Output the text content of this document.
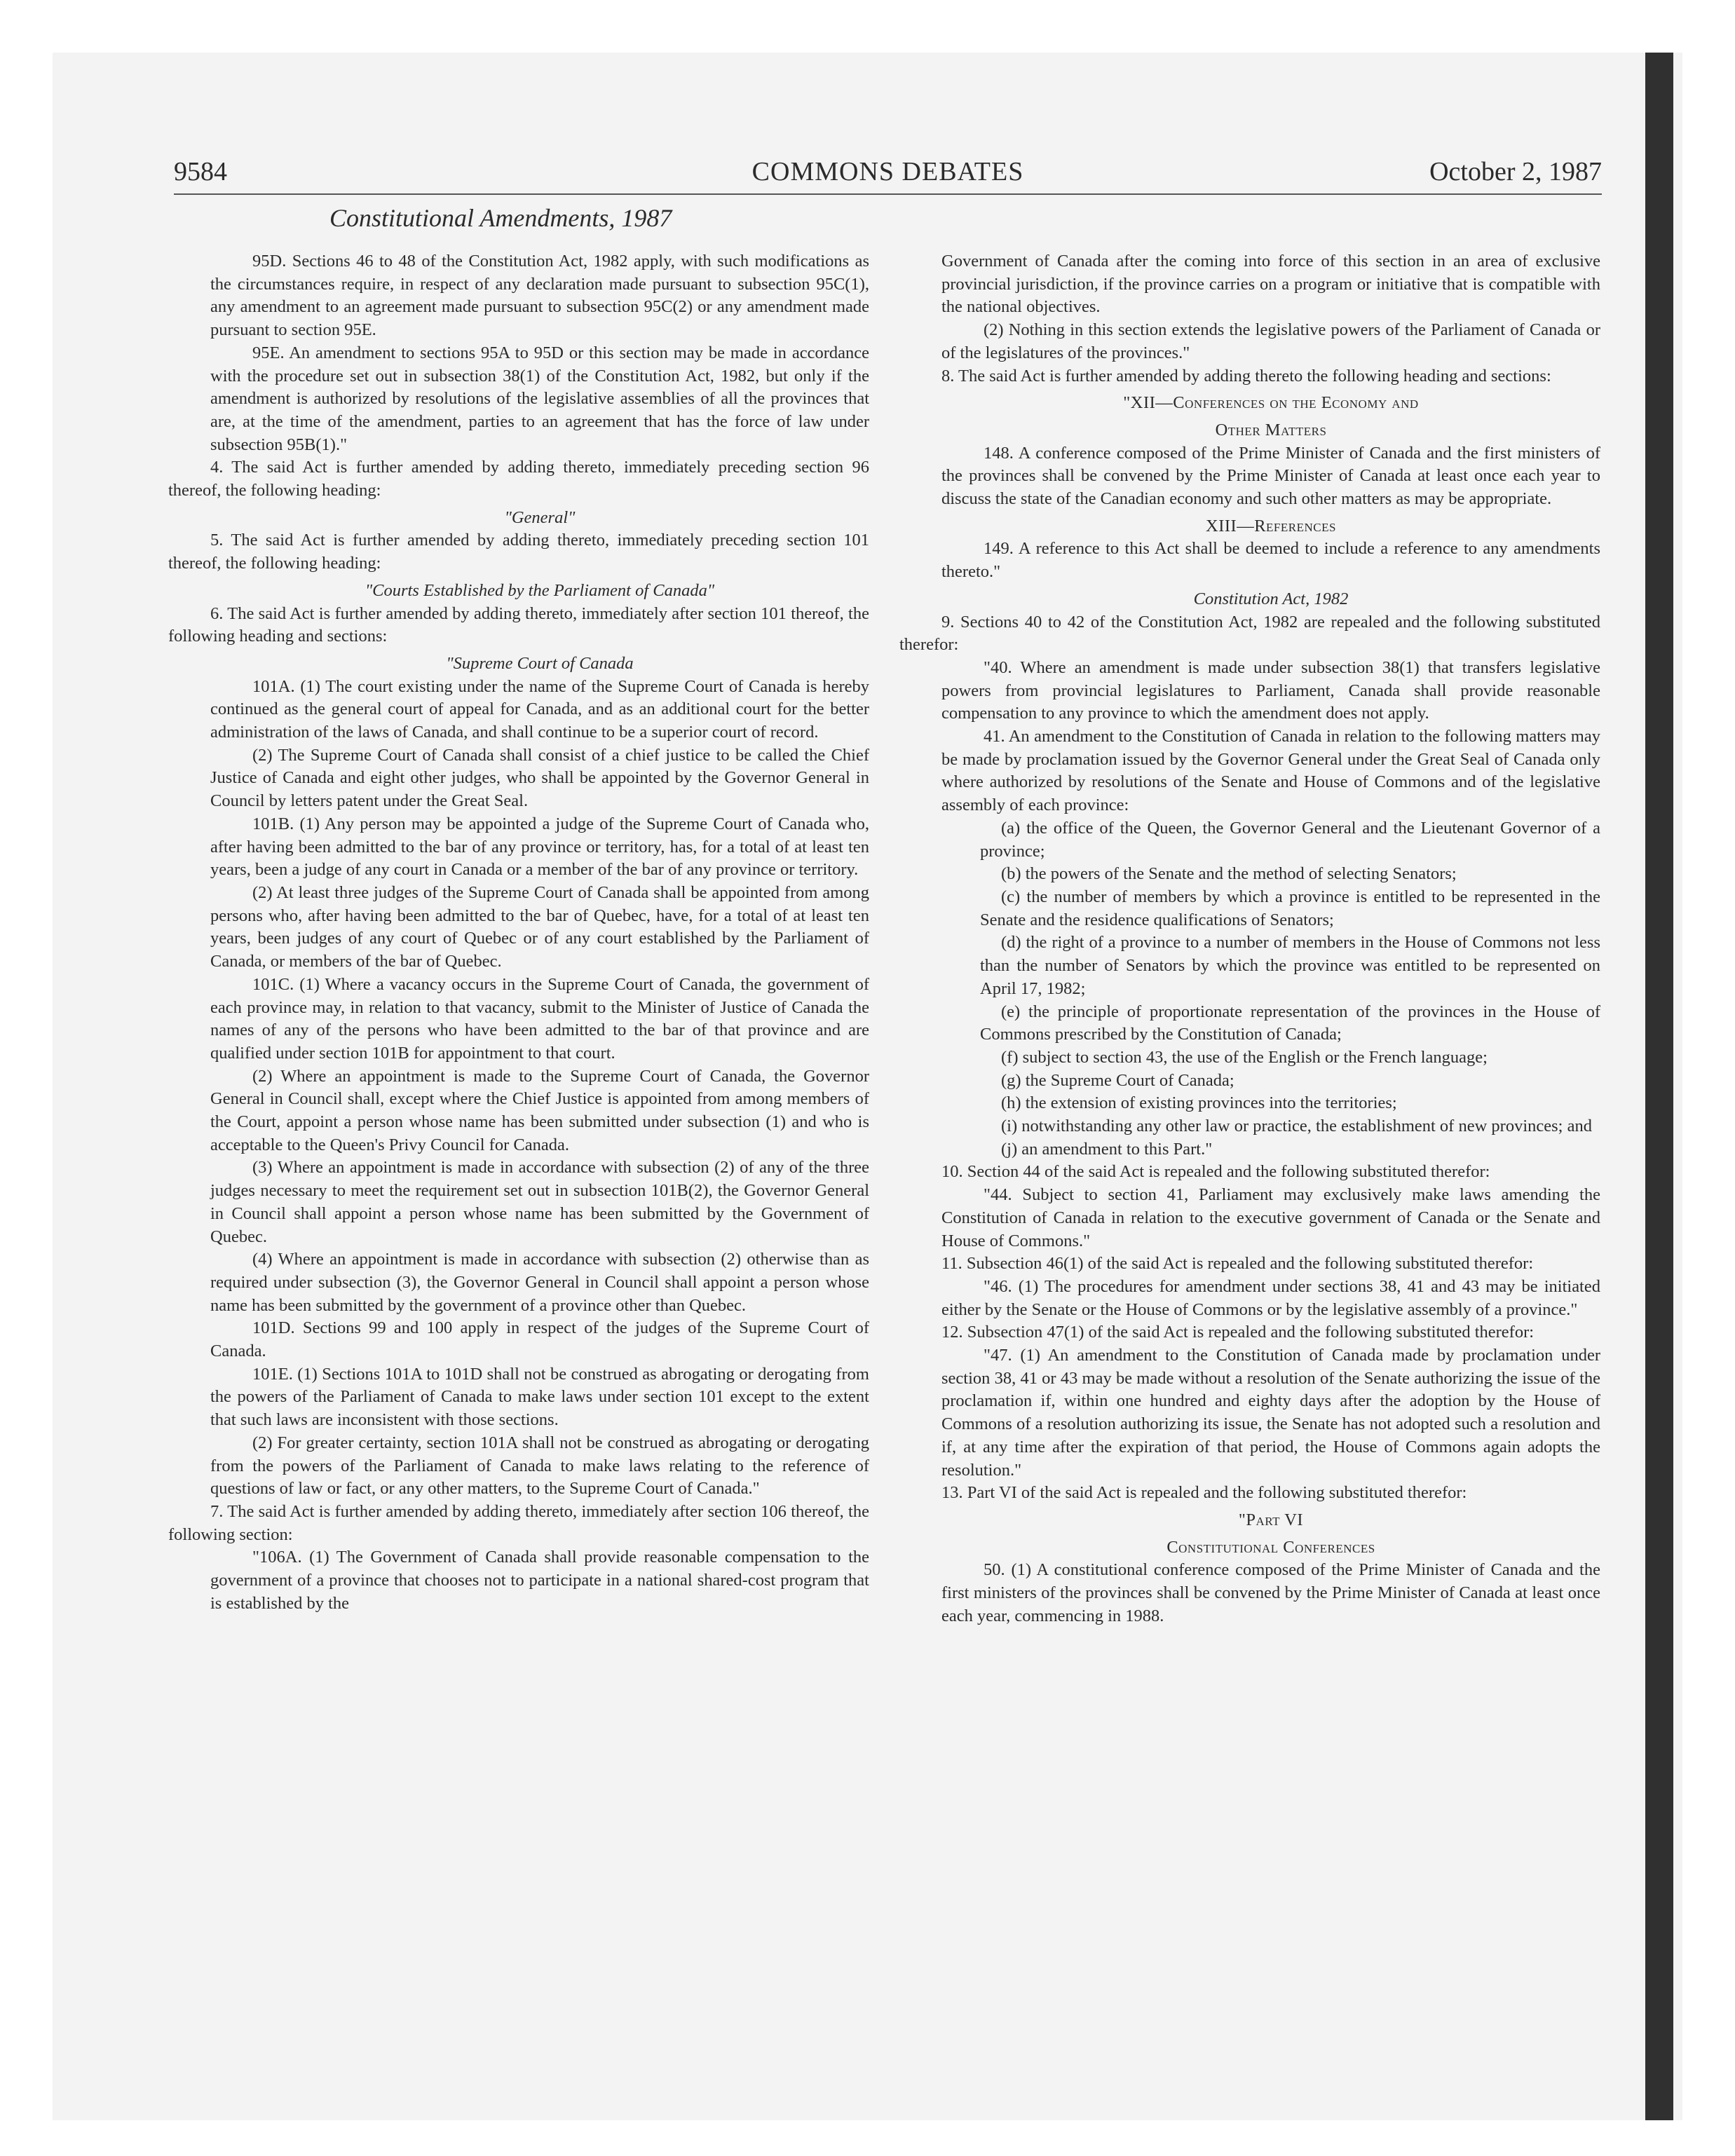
9584	COMMONS DEBATES	October 2, 1987
Constitutional Amendments, 1987

95D. Sections 46 to 48 of the Constitution Act, 1982 apply, with such modifications as the circumstances require, in respect of any declaration made pursuant to subsection 95C(1), any amendment to an agreement made pursuant to subsection 95C(2) or any amendment made pursuant to section 95E.

95E. An amendment to sections 95A to 95D or this section may be made in accordance with the procedure set out in subsection 38(1) of the Constitution Act, 1982, but only if the amendment is authorized by resolutions of the legislative assemblies of all the provinces that are, at the time of the amendment, parties to an agreement that has the force of law under subsection 95B(1)."

4. The said Act is further amended by adding thereto, immediately preceding section 96 thereof, the following heading:

"General"

5. The said Act is further amended by adding thereto, immediately preceding section 101 thereof, the following heading:

"Courts Established by the Parliament of Canada"

6. The said Act is further amended by adding thereto, immediately after section 101 thereof, the following heading and sections:

"Supreme Court of Canada

101A. (1) The court existing under the name of the Supreme Court of Canada is hereby continued as the general court of appeal for Canada, and as an additional court for the better administration of the laws of Canada, and shall continue to be a superior court of record.

(2) The Supreme Court of Canada shall consist of a chief justice to be called the Chief Justice of Canada and eight other judges, who shall be appointed by the Governor General in Council by letters patent under the Great Seal.

101B. (1) Any person may be appointed a judge of the Supreme Court of Canada who, after having been admitted to the bar of any province or territory, has, for a total of at least ten years, been a judge of any court in Canada or a member of the bar of any province or territory.

(2) At least three judges of the Supreme Court of Canada shall be appointed from among persons who, after having been admitted to the bar of Quebec, have, for a total of at least ten years, been judges of any court of Quebec or of any court established by the Parliament of Canada, or members of the bar of Quebec.

101C. (1) Where a vacancy occurs in the Supreme Court of Canada, the government of each province may, in relation to that vacancy, submit to the Minister of Justice of Canada the names of any of the persons who have been admitted to the bar of that province and are qualified under section 101B for appointment to that court.

(2) Where an appointment is made to the Supreme Court of Canada, the Governor General in Council shall, except where the Chief Justice is appointed from among members of the Court, appoint a person whose name has been submitted under subsection (1) and who is acceptable to the Queen's Privy Council for Canada.

(3) Where an appointment is made in accordance with subsection (2) of any of the three judges necessary to meet the requirement set out in subsection 101B(2), the Governor General in Council shall appoint a person whose name has been submitted by the Government of Quebec.

(4) Where an appointment is made in accordance with subsection (2) otherwise than as required under subsection (3), the Governor General in Council shall appoint a person whose name has been submitted by the government of a province other than Quebec.

101D. Sections 99 and 100 apply in respect of the judges of the Supreme Court of Canada.

101E. (1) Sections 101A to 101D shall not be construed as abrogating or derogating from the powers of the Parliament of Canada to make laws under section 101 except to the extent that such laws are inconsistent with those sections.

(2) For greater certainty, section 101A shall not be construed as abrogating or derogating from the powers of the Parliament of Canada to make laws relating to the reference of questions of law or fact, or any other matters, to the Supreme Court of Canada."

7. The said Act is further amended by adding thereto, immediately after section 106 thereof, the following section:

"106A. (1) The Government of Canada shall provide reasonable compensation to the government of a province that chooses not to participate in a national shared-cost program that is established by the

Government of Canada after the coming into force of this section in an area of exclusive provincial jurisdiction, if the province carries on a program or initiative that is compatible with the national objectives.

(2) Nothing in this section extends the legislative powers of the Parliament of Canada or of the legislatures of the provinces."

8. The said Act is further amended by adding thereto the following heading and sections:

"XII—Conferences on the Economy and
Other Matters

148. A conference composed of the Prime Minister of Canada and the first ministers of the provinces shall be convened by the Prime Minister of Canada at least once each year to discuss the state of the Canadian economy and such other matters as may be appropriate.

XIII—References

149. A reference to this Act shall be deemed to include a reference to any amendments thereto."

Constitution Act, 1982

9. Sections 40 to 42 of the Constitution Act, 1982 are repealed and the following substituted therefor:

"40. Where an amendment is made under subsection 38(1) that transfers legislative powers from provincial legislatures to Parliament, Canada shall provide reasonable compensation to any province to which the amendment does not apply.

41. An amendment to the Constitution of Canada in relation to the following matters may be made by proclamation issued by the Governor General under the Great Seal of Canada only where authorized by resolutions of the Senate and House of Commons and of the legislative assembly of each province:

(a) the office of the Queen, the Governor General and the Lieutenant Governor of a province;

(b) the powers of the Senate and the method of selecting Senators;

(c) the number of members by which a province is entitled to be represented in the Senate and the residence qualifications of Senators;

(d) the right of a province to a number of members in the House of Commons not less than the number of Senators by which the province was entitled to be represented on April 17, 1982;

(e) the principle of proportionate representation of the provinces in the House of Commons prescribed by the Constitution of Canada;

(f) subject to section 43, the use of the English or the French language;

(g) the Supreme Court of Canada;

(h) the extension of existing provinces into the territories;

(i) notwithstanding any other law or practice, the establishment of new provinces; and

(j) an amendment to this Part."

10. Section 44 of the said Act is repealed and the following substituted therefor:

"44. Subject to section 41, Parliament may exclusively make laws amending the Constitution of Canada in relation to the executive government of Canada or the Senate and House of Commons."

11. Subsection 46(1) of the said Act is repealed and the following substituted therefor:

"46. (1) The procedures for amendment under sections 38, 41 and 43 may be initiated either by the Senate or the House of Commons or by the legislative assembly of a province."

12. Subsection 47(1) of the said Act is repealed and the following substituted therefor:

"47. (1) An amendment to the Constitution of Canada made by proclamation under section 38, 41 or 43 may be made without a resolution of the Senate authorizing the issue of the proclamation if, within one hundred and eighty days after the adoption by the House of Commons of a resolution authorizing its issue, the Senate has not adopted such a resolution and if, at any time after the expiration of that period, the House of Commons again adopts the resolution."

13. Part VI of the said Act is repealed and the following substituted therefor:

"Part VI
Constitutional Conferences

50. (1) A constitutional conference composed of the Prime Minister of Canada and the first ministers of the provinces shall be convened by the Prime Minister of Canada at least once each year, commencing in 1988.
